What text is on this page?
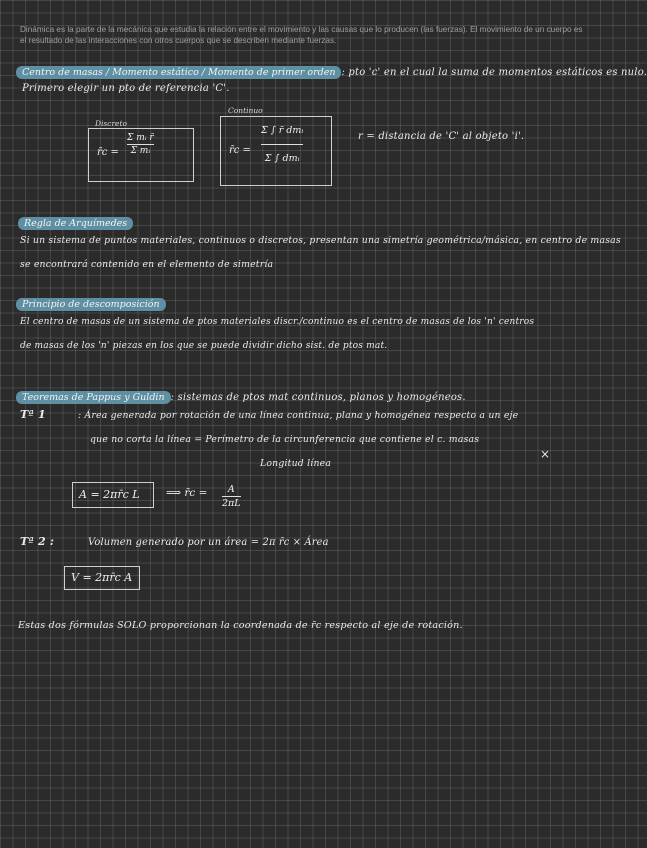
Dinámica es la parte de la mecánica que estudia la relación entre el movimiento y las causas que lo producen (las fuerzas). El movimiento de un cuerpo es el resultado de las interacciones con otros cuerpos que se describen mediante fuerzas.
Centro de masas / Momento estático / Momento de primer orden : pto 'c' en el cual la suma de momentos estáticos es nulo.
Primero elegir un pto de referencia 'C'.
Discreto
r̄c = $\frac{\text{Σ mᵢ r̄}}{\text{Σ mᵢ}}$
Continuo
r̄c = $\frac{\text{Σ ∫ r̄ dmᵢ}}{\text{Σ ∫ dmᵢ}}$	r = distancia de 'C' al objeto 'i'.
Regla de Arquímedes
Si un sistema de puntos materiales, continuos o discretos, presentan una simetría geométrica/másica, en centro de masas
se encontrará contenido en el elemento de simetría
Principio de descomposición
El centro de masas de un sistema de ptos materiales discr./continuo es el centro de masas de los 'n' centros
de masas de los 'n' piezas en los que se puede dividir dicho sist. de ptos mat.
Teoremas de Pappus y Guldin : sistemas de ptos mat continuos, planos y homogéneos.
Tª 1	: Área generada por rotación de una línea continua, plana y homogénea respecto a un eje
que no corta la línea = Perímetro de la circunferencia que contiene el c. masas
×
Longitud línea
A = 2πr̄c L	⟹ r̄c = $\frac{A}{2\pi L}$
Tª 2 :	Volumen generado por un área = 2π r̄c × Área
V = 2πr̄c A
Estas dos fórmulas SOLO proporcionan la coordenada de r̄c respecto al eje de rotación.
